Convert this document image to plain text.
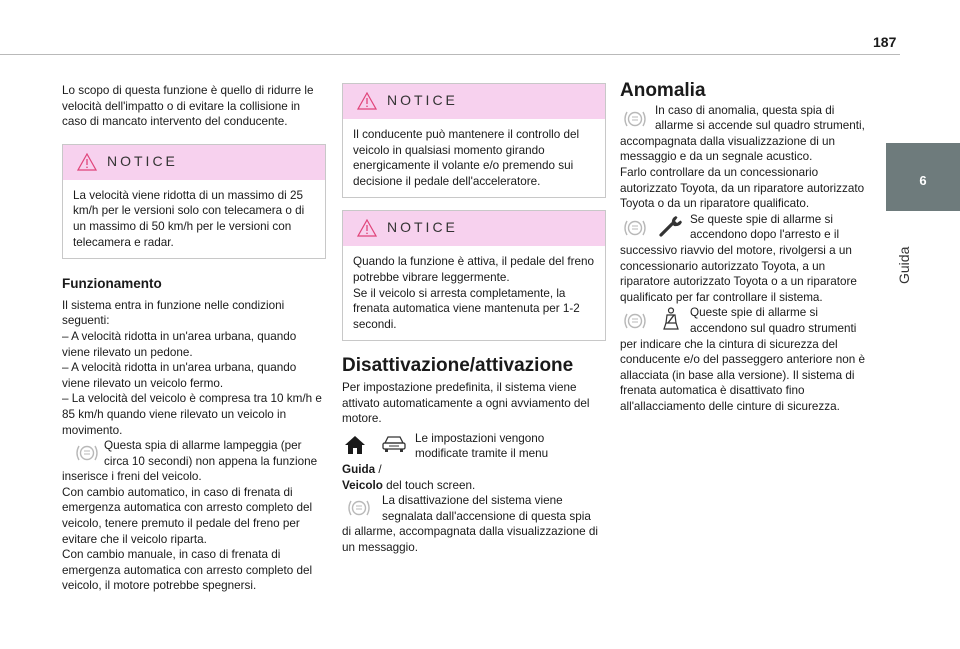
187
6
Guida

Lo scopo di questa funzione è quello di ridurre le velocità dell'impatto o di evitare la collisione in caso di mancato intervento del conducente.

NOTICE
La velocità viene ridotta di un massimo di 25 km/h per le versioni solo con telecamera o di un massimo di 50 km/h per le versioni con telecamera e radar.
Funzionamento

Il sistema entra in funzione nelle condizioni seguenti:

– A velocità ridotta in un'area urbana, quando viene rilevato un pedone.

– A velocità ridotta in un'area urbana, quando viene rilevato un veicolo fermo.

– La velocità del veicolo è compresa tra 10 km/h e 85 km/h quando viene rilevato un veicolo in movimento.

Questa spia di allarme lampeggia (per
circa 10 secondi) non appena la funzione

inserisce i freni del veicolo.

Con cambio automatico, in caso di frenata di emergenza automatica con arresto completo del veicolo, tenere premuto il pedale del freno per evitare che il veicolo riparta.

Con cambio manuale, in caso di frenata di emergenza automatica con arresto completo del veicolo, il motore potrebbe spegnersi.

NOTICE
Il conducente può mantenere il controllo del veicolo in qualsiasi momento girando energicamente il volante e/o premendo sui decisione il pedale dell'acceleratore.
NOTICE

Quando la funzione è attiva, il pedale del freno potrebbe vibrare leggermente.

Se il veicolo si arresta completamente, la frenata automatica viene mantenuta per 1-2 secondi.

Disattivazione/attivazione

Per impostazione predefinita, il sistema viene attivato automaticamente a ogni avviamento del motore.

Le impostazioni vengono
modificate tramite il menu

Guida /
Veicolo del touch screen.

La disattivazione del sistema viene
segnalata dall'accensione di questa spia

di allarme, accompagnata dalla visualizzazione di un messaggio.

Anomalia

In caso di anomalia, questa spia di
allarme si accende sul quadro strumenti,

accompagnata dalla visualizzazione di un messaggio e da un segnale acustico.

Farlo controllare da un concessionario autorizzato Toyota, da un riparatore autorizzato Toyota o da un riparatore qualificato.

Se queste spie di allarme si
accendono dopo l'arresto e il

successivo riavvio del motore, rivolgersi a un concessionario autorizzato Toyota, a un riparatore autorizzato Toyota o a un riparatore qualificato per far controllare il sistema.

Queste spie di allarme si
accendono sul quadro strumenti

per indicare che la cintura di sicurezza del conducente e/o del passeggero anteriore non è allacciata (in base alla versione). Il sistema di frenata automatica è disattivato fino all'allacciamento delle cinture di sicurezza.
